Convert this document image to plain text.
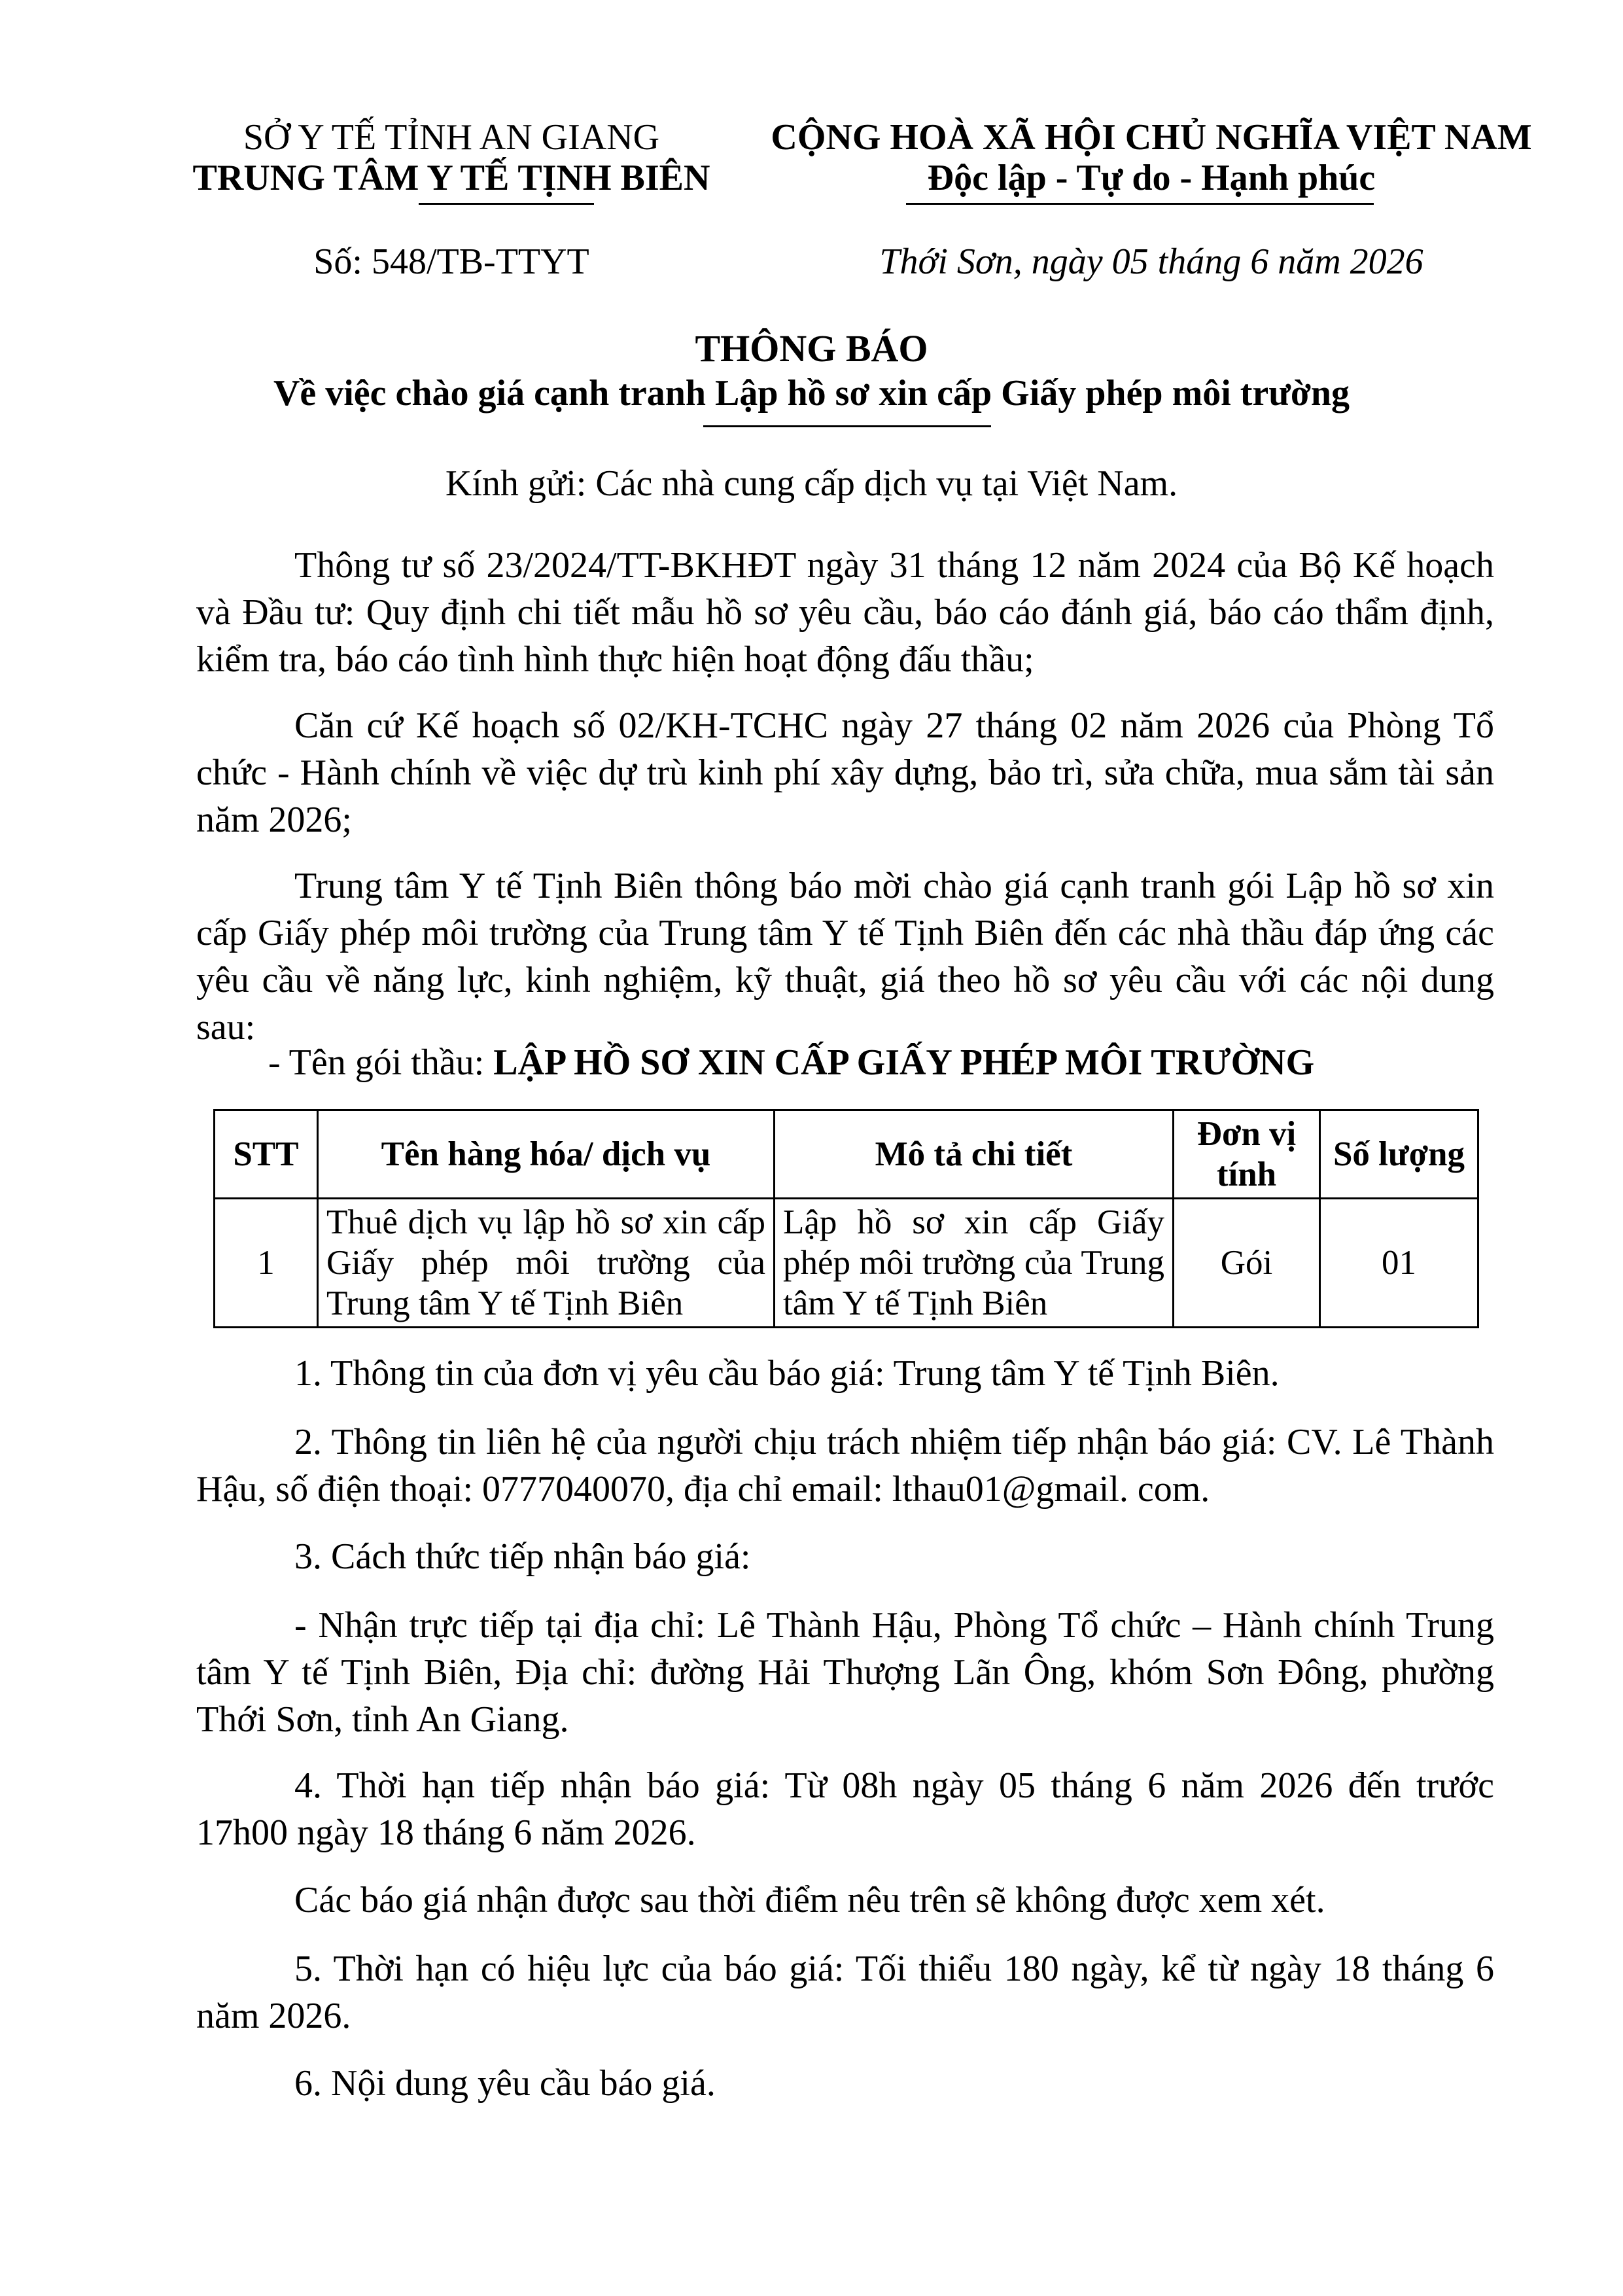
SỞ Y TẾ TỈNH AN GIANG
TRUNG TÂM Y TẾ TỊNH BIÊN
CỘNG HOÀ XÃ HỘI CHỦ NGHĨA VIỆT NAM
Độc lập - Tự do - Hạnh phúc
Số: 548/TB-TTYT	Thới Sơn, ngày 05 tháng 6 năm 2026
THÔNG BÁO
Về việc chào giá cạnh tranh Lập hồ sơ xin cấp Giấy phép môi trường
Kính gửi: Các nhà cung cấp dịch vụ tại Việt Nam.
Thông tư số 23/2024/TT-BKHĐT ngày 31 tháng 12 năm 2024 của Bộ Kế hoạch và Đầu tư: Quy định chi tiết mẫu hồ sơ yêu cầu, báo cáo đánh giá, báo cáo thẩm định, kiểm tra, báo cáo tình hình thực hiện hoạt động đấu thầu;
Căn cứ Kế hoạch số 02/KH-TCHC ngày 27 tháng 02 năm 2026 của Phòng Tổ chức - Hành chính về việc dự trù kinh phí xây dựng, bảo trì, sửa chữa, mua sắm tài sản năm 2026;
Trung tâm Y tế Tịnh Biên thông báo mời chào giá cạnh tranh gói Lập hồ sơ xin cấp Giấy phép môi trường của Trung tâm Y tế Tịnh Biên đến các nhà thầu đáp ứng các yêu cầu về năng lực, kinh nghiệm, kỹ thuật, giá theo hồ sơ yêu cầu với các nội dung sau:
- Tên gói thầu: LẬP HỒ SƠ XIN CẤP GIẤY PHÉP MÔI TRƯỜNG
STT	Tên hàng hóa/ dịch vụ	Mô tả chi tiết	Đơn vị tính	Số lượng
1	Thuê dịch vụ lập hồ sơ xin cấp Giấy phép môi trường của Trung tâm Y tế Tịnh Biên	Lập hồ sơ xin cấp Giấy phép môi trường của Trung tâm Y tế Tịnh Biên	Gói	01
1. Thông tin của đơn vị yêu cầu báo giá: Trung tâm Y tế Tịnh Biên.
2. Thông tin liên hệ của người chịu trách nhiệm tiếp nhận báo giá: CV. Lê Thành Hậu, số điện thoại: 0777040070, địa chỉ email: lthau01@gmail. com.
3. Cách thức tiếp nhận báo giá:
- Nhận trực tiếp tại địa chỉ: Lê Thành Hậu, Phòng Tổ chức – Hành chính Trung tâm Y tế Tịnh Biên, Địa chỉ: đường Hải Thượng Lãn Ông, khóm Sơn Đông, phường Thới Sơn, tỉnh An Giang.
4. Thời hạn tiếp nhận báo giá: Từ 08h ngày 05 tháng 6 năm 2026 đến trước 17h00 ngày 18 tháng 6 năm 2026.
Các báo giá nhận được sau thời điểm nêu trên sẽ không được xem xét.
5. Thời hạn có hiệu lực của báo giá: Tối thiểu 180 ngày, kể từ ngày 18 tháng 6 năm 2026.
6. Nội dung yêu cầu báo giá.
